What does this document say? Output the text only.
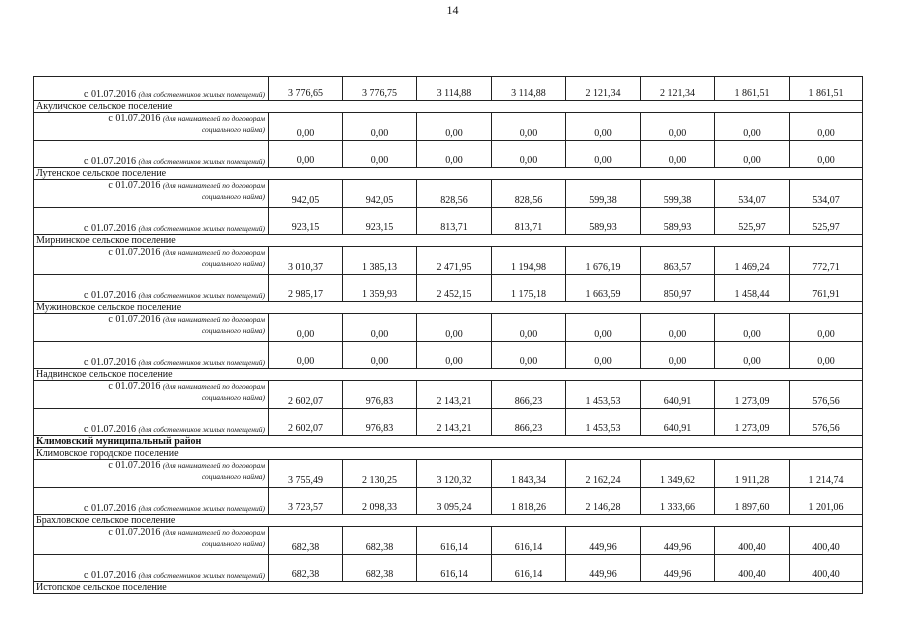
14
с 01.07.2016 (для собственников жилых помещений)	3 776,65	3 776,75	3 114,88	3 114,88	2 121,34	2 121,34	1 861,51	1 861,51
Акуличское сельское поселение								

с 01.07.2016 (для нанимателей по договорам
социального найма)	0,00	0,00	0,00	0,00	0,00	0,00	0,00	0,00
с 01.07.2016 (для собственников жилых помещений)	0,00	0,00	0,00	0,00	0,00	0,00	0,00	0,00
Лутенское сельское поселение								

с 01.07.2016 (для нанимателей по договорам
социального найма)	942,05	942,05	828,56	828,56	599,38	599,38	534,07	534,07
с 01.07.2016 (для собственников жилых помещений)	923,15	923,15	813,71	813,71	589,93	589,93	525,97	525,97
Мирнинское сельское поселение								

с 01.07.2016 (для нанимателей по договорам
социального найма)	3 010,37	1 385,13	2 471,95	1 194,98	1 676,19	863,57	1 469,24	772,71
с 01.07.2016 (для собственников жилых помещений)	2 985,17	1 359,93	2 452,15	1 175,18	1 663,59	850,97	1 458,44	761,91
Мужиновское сельское поселение								

с 01.07.2016 (для нанимателей по договорам
социального найма)	0,00	0,00	0,00	0,00	0,00	0,00	0,00	0,00
с 01.07.2016 (для собственников жилых помещений)	0,00	0,00	0,00	0,00	0,00	0,00	0,00	0,00
Надвинское сельское поселение								

с 01.07.2016 (для нанимателей по договорам
социального найма)	2 602,07	976,83	2 143,21	866,23	1 453,53	640,91	1 273,09	576,56
с 01.07.2016 (для собственников жилых помещений)	2 602,07	976,83	2 143,21	866,23	1 453,53	640,91	1 273,09	576,56
Климовский муниципальный район								
Климовское городское поселение								

с 01.07.2016 (для нанимателей по договорам
социального найма)	3 755,49	2 130,25	3 120,32	1 843,34	2 162,24	1 349,62	1 911,28	1 214,74
с 01.07.2016 (для собственников жилых помещений)	3 723,57	2 098,33	3 095,24	1 818,26	2 146,28	1 333,66	1 897,60	1 201,06
Брахловское сельское поселение								

с 01.07.2016 (для нанимателей по договорам
социального найма)	682,38	682,38	616,14	616,14	449,96	449,96	400,40	400,40
с 01.07.2016 (для собственников жилых помещений)	682,38	682,38	616,14	616,14	449,96	449,96	400,40	400,40
Истопское сельское поселение								
